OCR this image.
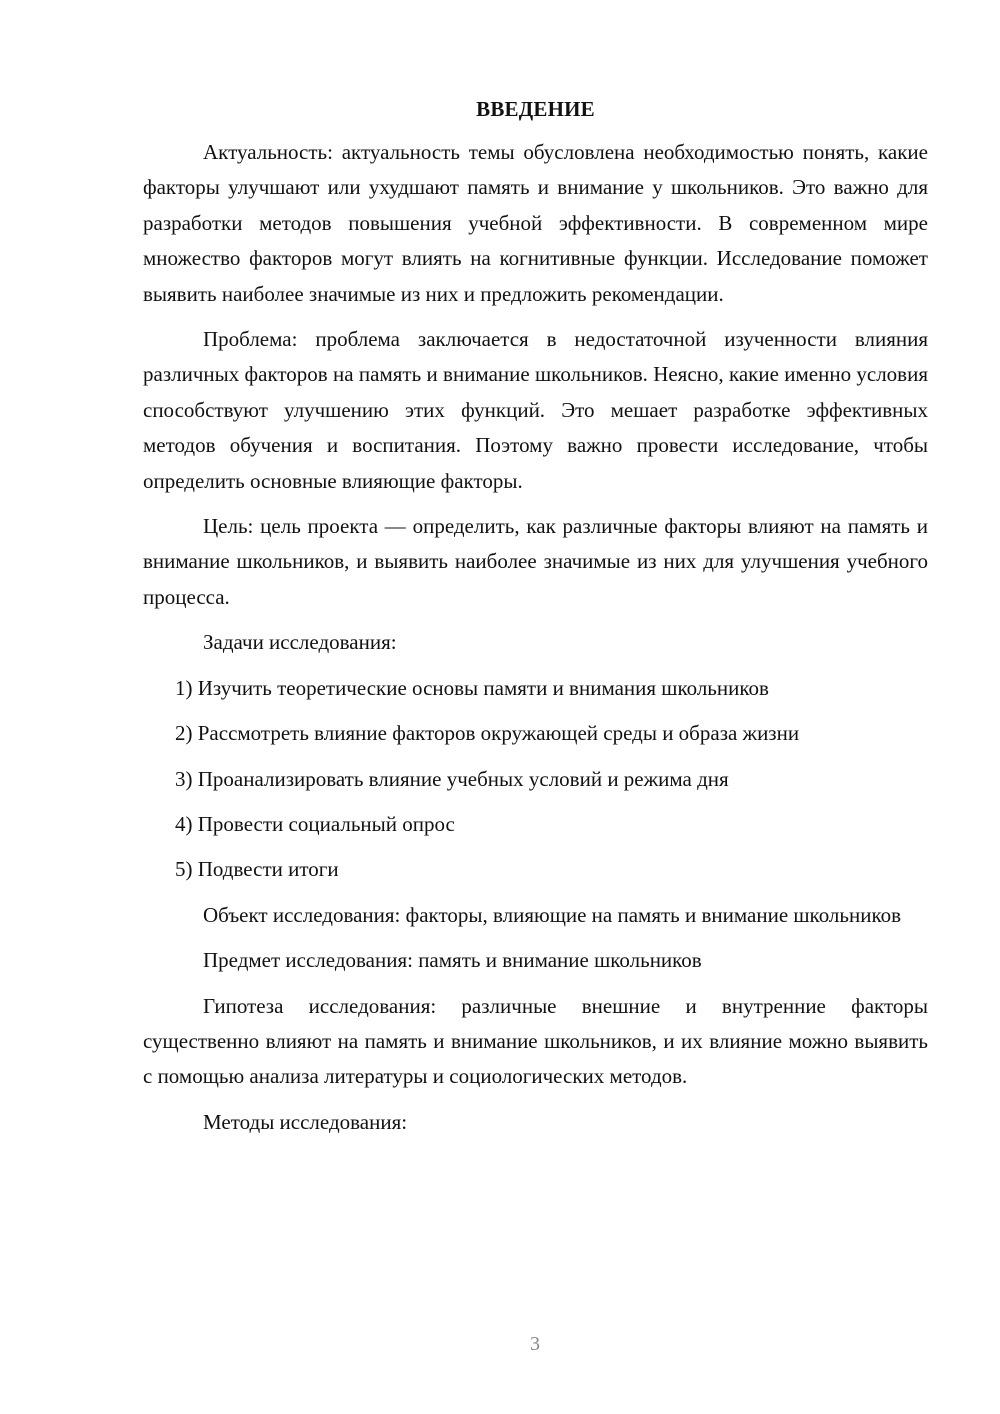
ВВЕДЕНИЕ

Актуальность: актуальность темы обусловлена необходимостью понять, какие факторы улучшают или ухудшают память и внимание у школьников. Это важно для разработки методов повышения учебной эффективности. В современном мире множество факторов могут влиять на когнитивные функции. Исследование поможет выявить наиболее значимые из них и предложить рекомендации.

Проблема: проблема заключается в недостаточной изученности влияния различных факторов на память и внимание школьников. Неясно, какие именно условия способствуют улучшению этих функций. Это мешает разработке эффективных методов обучения и воспитания. Поэтому важно провести исследование, чтобы определить основные влияющие факторы.

Цель: цель проекта — определить, как различные факторы влияют на память и внимание школьников, и выявить наиболее значимые из них для улучшения учебного процесса.

Задачи исследования:

1) Изучить теоретические основы памяти и внимания школьников
2) Рассмотреть влияние факторов окружающей среды и образа жизни
3) Проанализировать влияние учебных условий и режима дня
4) Провести социальный опрос
5) Подвести итоги

Объект исследования: факторы, влияющие на память и внимание школьников

Предмет исследования: память и внимание школьников

Гипотеза исследования: различные внешние и внутренние факторы существенно влияют на память и внимание школьников, и их влияние можно выявить с помощью анализа литературы и социологических методов.

Методы исследования:

3
